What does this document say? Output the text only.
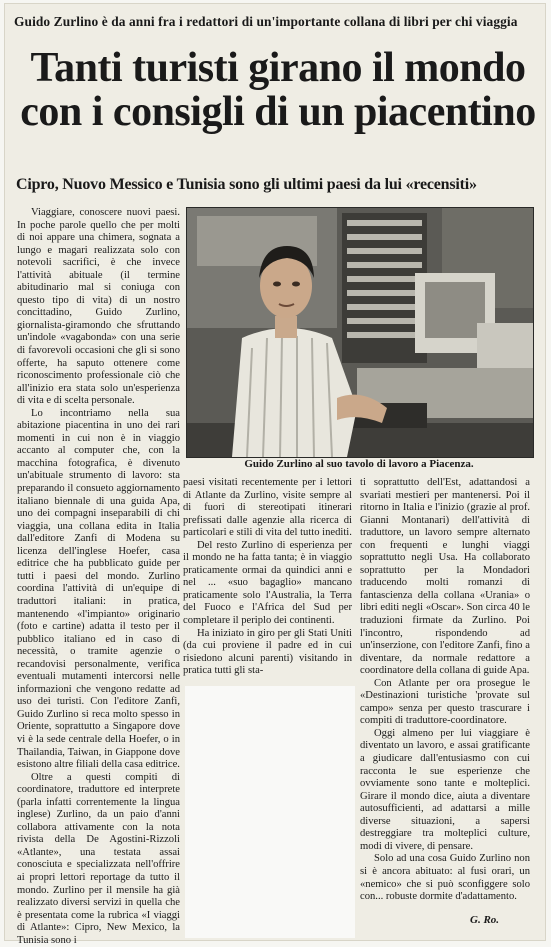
Guido Zurlino è da anni fra i redattori di un'importante collana di libri per chi viaggia
Tanti turisti girano il mondo
con i consigli di un piacentino
Cipro, Nuovo Messico e Tunisia sono gli ultimi paesi da lui «recensiti»

Viaggiare, conoscere nuovi paesi. In poche parole quello che per molti di noi appare una chimera, sognata a lungo e magari realizzata solo con notevoli sacrifici, è che invece l'attività abituale (il termine abitudinario mal si coniuga con questo tipo di vita) di un nostro concittadino, Guido Zurlino, giornalista-giramondo che sfruttando un'indole «vagabonda» con una serie di favorevoli occasioni che gli si sono offerte, ha saputo ottenere come riconoscimento professionale ciò che all'inizio era stata solo un'esperienza di vita e di scelta personale.

Lo incontriamo nella sua abitazione piacentina in uno dei rari momenti in cui non è in viaggio accanto al computer che, con la macchina fotografica, è divenuto un'abituale strumento di lavoro: sta preparando il consueto aggiornamento italiano biennale di una guida Apa, uno dei compagni inseparabili di chi viaggia, una collana edita in Italia dall'editore Zanfi di Modena su licenza dell'inglese Hoefer, casa editrice che ha pubblicato guide per tutti i paesi del mondo. Zurlino coordina l'attività di un'equipe di traduttori italiani: in pratica, mantenendo «l'impianto» originario (foto e cartine) adatta il testo per il pubblico italiano ed in caso di necessità, o tramite agenzie o recandovisi personalmente, verifica eventuali mutamenti intercorsi nelle informazioni che vengono redatte ad uso dei turisti. Con l'editore Zanfi, Guido Zurlino si reca molto spesso in Oriente, soprattutto a Singapore dove vi è la sede centrale della Hoefer, o in Thailandia, Taiwan, in Giappone dove esistono altre filiali della casa editrice.

Oltre a questi compiti di coordinatore, traduttore ed interprete (parla infatti correntemente la lingua inglese) Zurlino, da un paio d'anni collabora attivamente con la nota rivista della De Agostini-Rizzoli «Atlante», una testata assai conosciuta e specializzata nell'offrire ai propri lettori reportage da tutto il mondo. Zurlino per il mensile ha già realizzato diversi servizi in quella che è presentata come la rubrica «I viaggi di Atlante»: Cipro, New Mexico, la Tunisia sono i

Guido Zurlino al suo tavolo di lavoro a Piacenza.

paesi visitati recentemente per i lettori di Atlante da Zurlino, visite sempre al di fuori di stereotipati itinerari prefissati dalle agenzie alla ricerca di particolari e stili di vita del tutto inediti.

Del resto Zurlino di esperienza per il mondo ne ha fatta tanta; è in viaggio praticamente ormai da quindici anni e nel ... «suo bagaglio» mancano praticamente solo l'Australia, la Terra del Fuoco e l'Africa del Sud per completare il periplo dei continenti.

Ha iniziato in giro per gli Stati Uniti (da cui proviene il padre ed in cui risiedono alcuni parenti) visitando in pratica tutti gli sta-

ti soprattutto dell'Est, adattandosi a svariati mestieri per mantenersi. Poi il ritorno in Italia e l'inizio (grazie al prof. Gianni Montanari) dell'attività di traduttore, un lavoro sempre alternato con frequenti e lunghi viaggi soprattutto negli Usa. Ha collaborato soprattutto per la Mondadori traducendo molti romanzi di fantascienza della collana «Urania» o libri editi negli «Oscar». Son circa 40 le traduzioni firmate da Zurlino. Poi l'incontro, rispondendo ad un'inserzione, con l'editore Zanfi, fino a diventare, da normale redattore a coordinatore della collana di guide Apa.

Con Atlante per ora prosegue le «Destinazioni turistiche 'provate sul campo» senza per questo trascurare i compiti di traduttore-coordinatore.

Oggi almeno per lui viaggiare è diventato un lavoro, e assai gratificante a giudicare dall'entusiasmo con cui racconta le sue esperienze che ovviamente sono tante e molteplici. Girare il mondo dice, aiuta a diventare autosufficienti, ad adattarsi a mille diverse situazioni, a sapersi destreggiare tra molteplici culture, modi di vivere, di pensare.

Solo ad una cosa Guido Zurlino non si è ancora abituato: al fusi orari, un «nemico» che si può sconfiggere solo con... robuste dormite d'adattamento.

G. Ro.
